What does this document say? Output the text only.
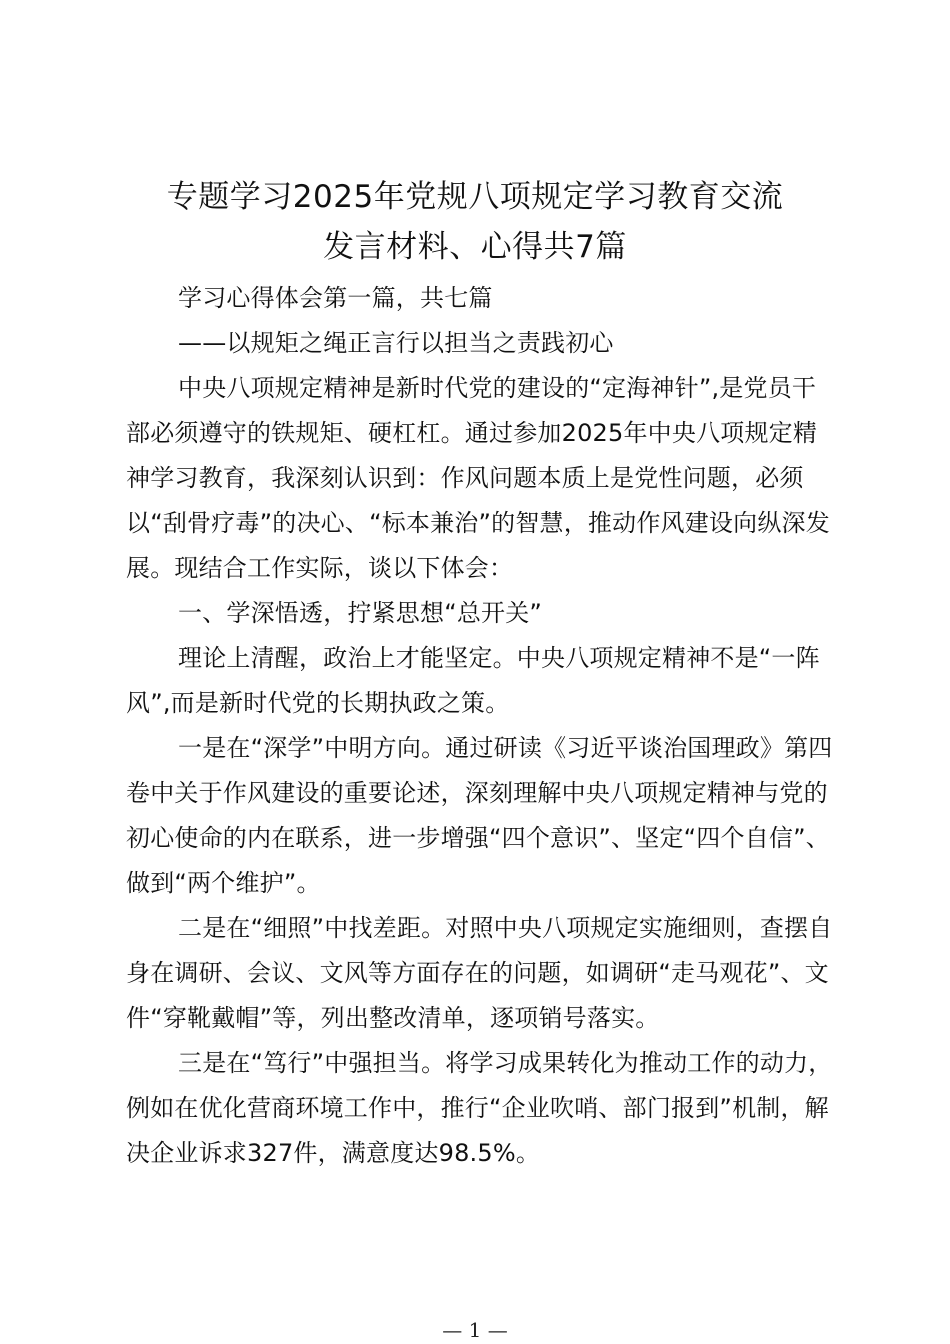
专题学习2025年党规八项规定学习教育交流
发言材料、心得共7篇

学习心得体会第一篇，共七篇

——以规矩之绳正言行以担当之责践初心

中央八项规定精神是新时代党的建设的“定海神针”,是党员干部必须遵守的铁规矩、硬杠杠。通过参加2025年中央八项规定精神学习教育，我深刻认识到：作风问题本质上是党性问题，必须以“刮骨疗毒”的决心、“标本兼治”的智慧，推动作风建设向纵深发展。现结合工作实际，谈以下体会：

一、学深悟透，拧紧思想“总开关”

理论上清醒，政治上才能坚定。中央八项规定精神不是“一阵风”,而是新时代党的长期执政之策。

一是在“深学”中明方向。通过研读《习近平谈治国理政》第四卷中关于作风建设的重要论述，深刻理解中央八项规定精神与党的初心使命的内在联系，进一步增强“四个意识”、坚定“四个自信”、做到“两个维护”。

二是在“细照”中找差距。对照中央八项规定实施细则，查摆自身在调研、会议、文风等方面存在的问题，如调研“走马观花”、文件“穿靴戴帽”等，列出整改清单，逐项销号落实。

三是在“笃行”中强担当。将学习成果转化为推动工作的动力，例如在优化营商环境工作中，推行“企业吹哨、部门报到”机制，解决企业诉求327件，满意度达98.5%。

— 1 —
